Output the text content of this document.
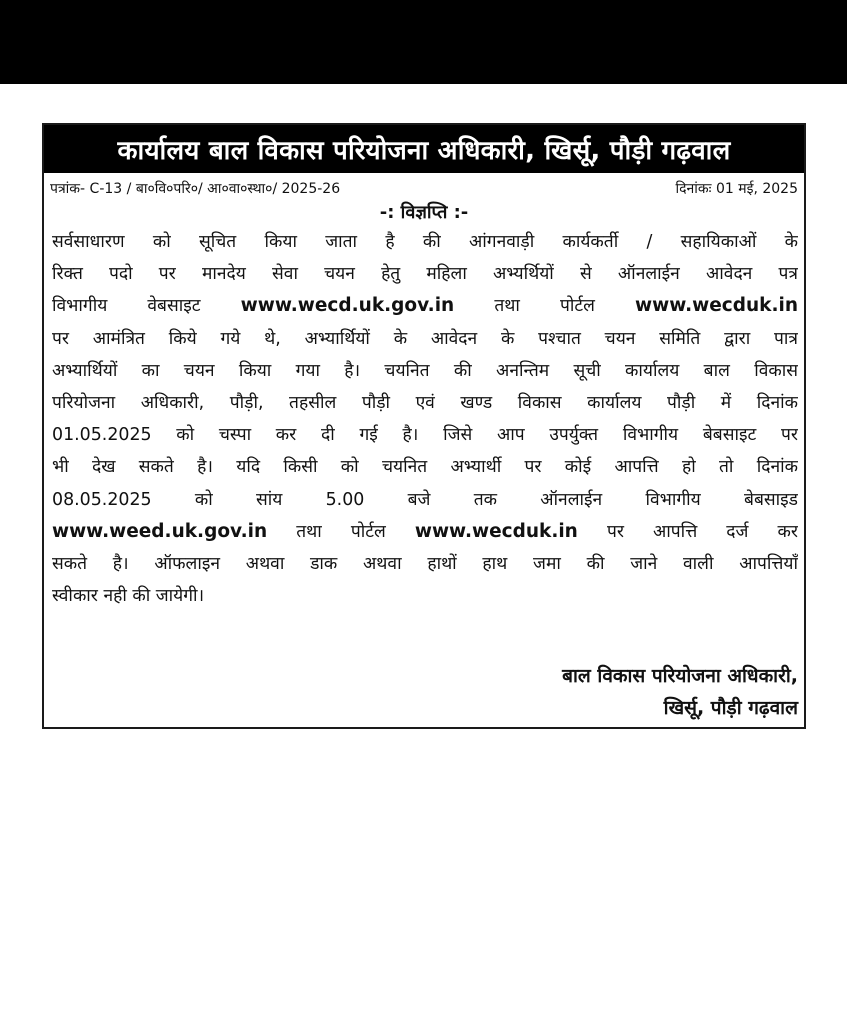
कार्यालय बाल विकास परियोजना अधिकारी, खिर्सू, पौड़ी गढ़वाल
पत्रांक- C-13 / बा०वि०परि०/ आ०वा०स्था०/ 2025-26	दिनांकः 01 मई, 2025
-: विज्ञप्ति :-
सर्वसाधारण को सूचित किया जाता है की आंगनवाड़ी कार्यकर्ती / सहायिकाओं के
रिक्त पदो पर मानदेय सेवा चयन हेतु महिला अभ्यर्थियों से ऑनलाईन आवेदन पत्र
विभागीय वेबसाइट www.wecd.uk.gov.in तथा पोर्टल www.wecduk.in
पर आमंत्रित किये गये थे, अभ्यार्थियों के आवेदन के पश्चात चयन समिति द्वारा पात्र
अभ्यार्थियों का चयन किया गया है। चयनित की अनन्तिम सूची कार्यालय बाल विकास
परियोजना अधिकारी, पौड़ी, तहसील पौड़ी एवं खण्ड विकास कार्यालय पौड़ी में दिनांक
01.05.2025 को चस्पा कर दी गई है। जिसे आप उपर्युक्त विभागीय बेबसाइट पर
भी देख सकते है। यदि किसी को चयनित अभ्यार्थी पर कोई आपत्ति हो तो दिनांक
08.05.2025 को सांय 5.00 बजे तक ऑनलाईन विभागीय बेबसाइड
www.weed.uk.gov.in तथा पोर्टल www.wecduk.in पर आपत्ति दर्ज कर
सकते है। ऑफलाइन अथवा डाक अथवा हाथों हाथ जमा की जाने वाली आपत्तियाँ
स्वीकार नही की जायेगी।
बाल विकास परियोजना अधिकारी,
खिर्सू, पौड़ी गढ़वाल
